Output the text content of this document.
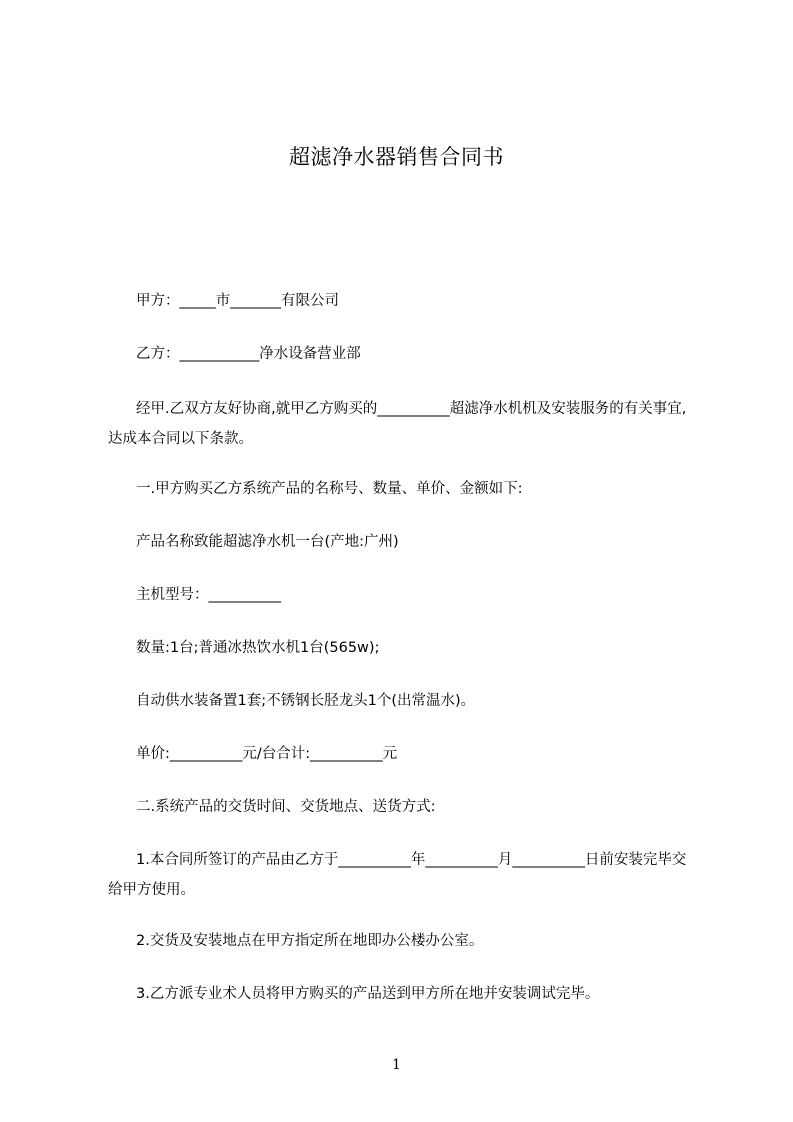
超滤净水器销售合同书
甲方：_____市_______有限公司
乙方：___________净水设备营业部
经甲.乙双方友好协商,就甲乙方购买的__________超滤净水机机及安装服务的有关事宜,达成本合同以下条款。
一.甲方购买乙方系统产品的名称号、数量、单价、金额如下:
产品名称致能超滤净水机一台(产地:广州)
主机型号：__________
数量:1台;普通冰热饮水机1台(565w);
自动供水装备置1套;不锈钢长胫龙头1个(出常温水)。
单价:__________元/台合计:__________元
二.系统产品的交货时间、交货地点、送货方式:
1.本合同所签订的产品由乙方于__________年__________月__________日前安装完毕交给甲方使用。
2.交货及安装地点在甲方指定所在地即办公楼办公室。
3.乙方派专业术人员将甲方购买的产品送到甲方所在地并安装调试完毕。
1
